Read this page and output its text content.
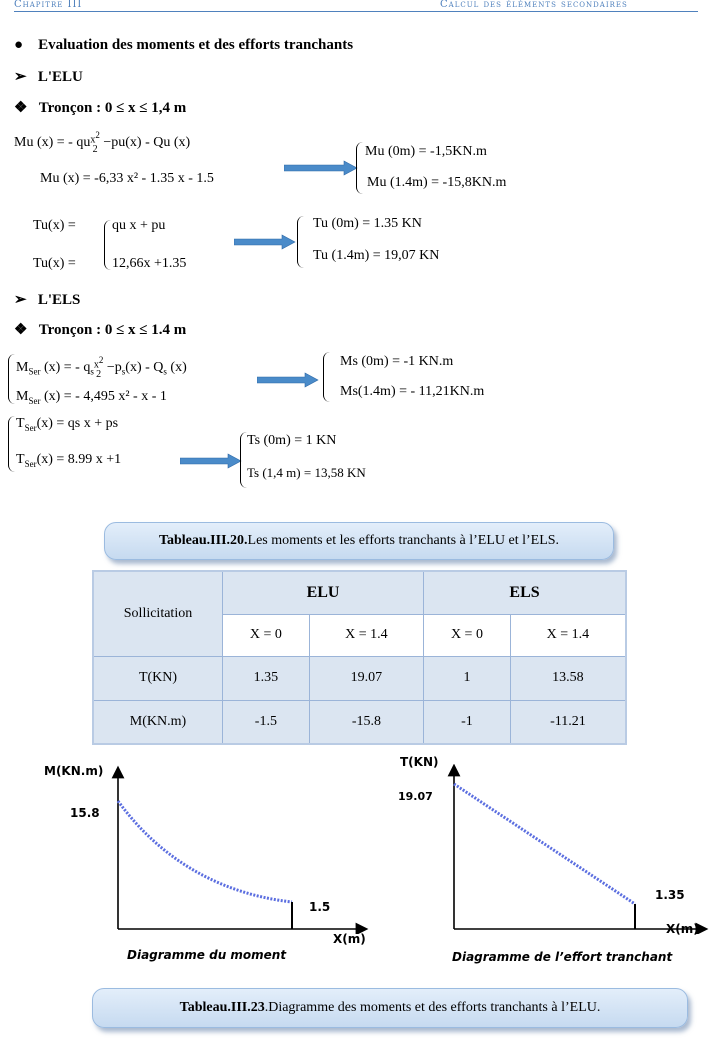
Chapitre III	Calcul des éléments secondaires
● Evaluation des moments et des efforts tranchants
➢ L'ELU
❖ Tronçon : 0 ≤ x ≤ 1,4 m
Mu (x) = - qu $x^2$
2 −pu(x) - Qu (x)
Mu (x) = -6,33 x² - 1.35 x - 1.5
Mu (0m) = -1,5KN.m
Mu (1.4m) = -15,8KN.m
Tu(x) =
Tu(x) =
qu x + pu
12,66x +1.35
Tu (0m) = 1.35 KN
Tu (1.4m) = 19,07 KN
➢ L'ELS
❖ Tronçon : 0 ≤ x ≤ 1.4 m
$M_{Ser}$ (x) = - $q_s$
$x^2$
$2 -p_s(x) - Q_s$ (x)
$M_{Ser}$ (x) = - 4,495 x² - x - 1
Ms (0m) = -1 KN.m
Ms(1.4m) = - 11,21KN.m
$T_{Ser}(x)$ = qs x + ps
$T_{Ser}(x) = 8.99$ x +1
Ts (0m) = 1 KN
Ts (1,4 m) = 13,58 KN
Tableau.III.20.Les moments et les efforts tranchants à l’ELU et l’ELS.
Sollicitation	ELU		ELS	
	X = 0	X = 1.4	X = 0	X = 1.4
T(KN)	1.35	19.07	1	13.58
M(KN.m)	-1.5	-15.8	-1	-11.21
M(KN.m)
15.8
1.5
X(m)
Diagramme du moment
T(KN)
19.07
1.35
X(m)
Diagramme de l’effort tranchant
Tableau.III.23.Diagramme des moments et des efforts tranchants à l’ELU.
